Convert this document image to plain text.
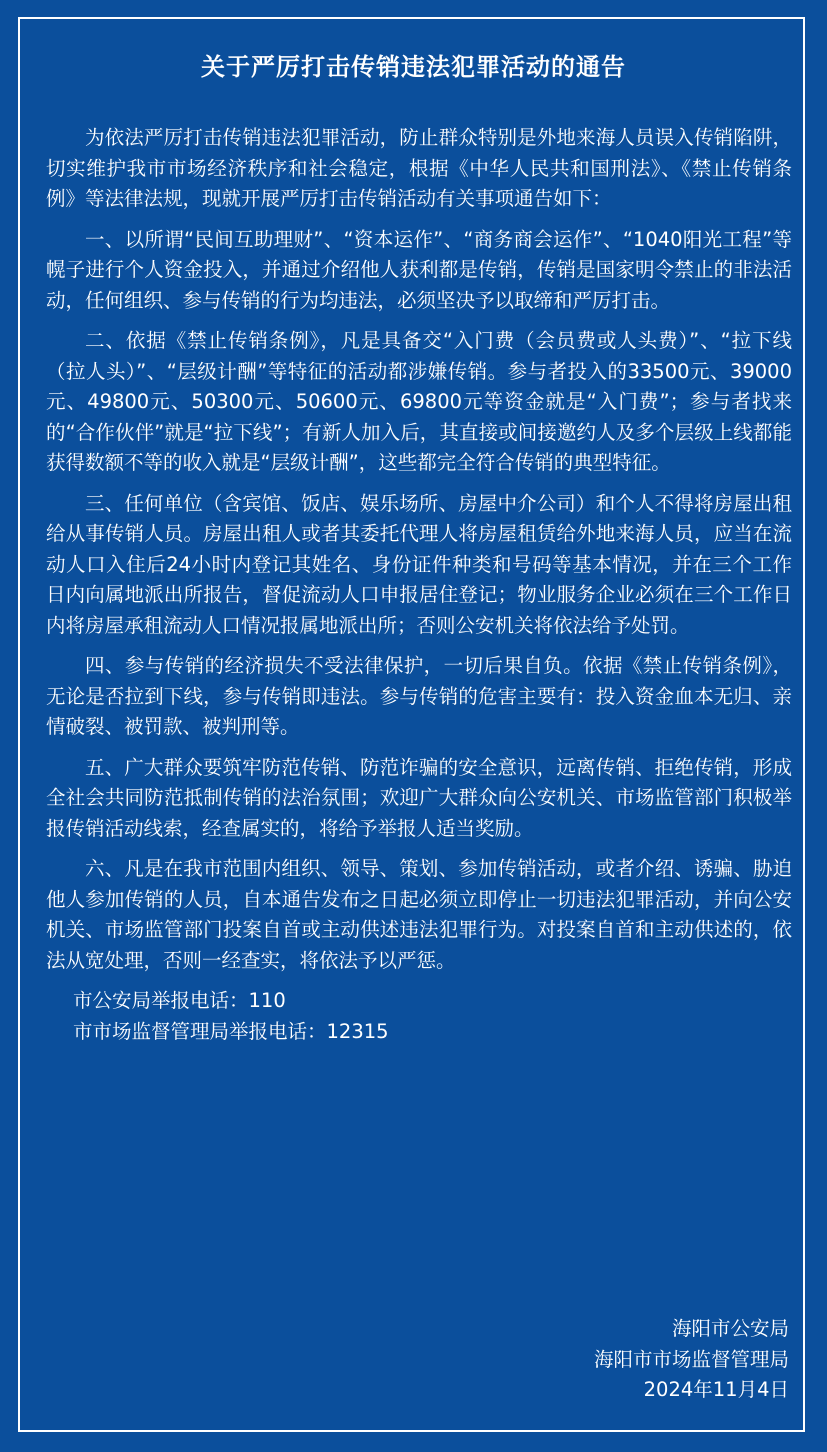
关于严厉打击传销违法犯罪活动的通告

为依法严厉打击传销违法犯罪活动，防止群众特别是外地来海人员误入传销陷阱，切实维护我市市场经济秩序和社会稳定，根据《中华人民共和国刑法》、《禁止传销条例》等法律法规，现就开展严厉打击传销活动有关事项通告如下：

一、以所谓“民间互助理财”、“资本运作”、“商务商会运作”、“1040阳光工程”等幌子进行个人资金投入，并通过介绍他人获利都是传销，传销是国家明令禁止的非法活动，任何组织、参与传销的行为均违法，必须坚决予以取缔和严厉打击。

二、依据《禁止传销条例》，凡是具备交“入门费（会员费或人头费）”、“拉下线（拉人头）”、“层级计酬”等特征的活动都涉嫌传销。参与者投入的33500元、39000元、49800元、50300元、50600元、69800元等资金就是“入门费”；参与者找来的“合作伙伴”就是“拉下线”；有新人加入后，其直接或间接邀约人及多个层级上线都能获得数额不等的收入就是“层级计酬”，这些都完全符合传销的典型特征。

三、任何单位（含宾馆、饭店、娱乐场所、房屋中介公司）和个人不得将房屋出租给从事传销人员。房屋出租人或者其委托代理人将房屋租赁给外地来海人员，应当在流动人口入住后24小时内登记其姓名、身份证件种类和号码等基本情况，并在三个工作日内向属地派出所报告，督促流动人口申报居住登记；物业服务企业必须在三个工作日内将房屋承租流动人口情况报属地派出所；否则公安机关将依法给予处罚。

四、参与传销的经济损失不受法律保护，一切后果自负。依据《禁止传销条例》，无论是否拉到下线，参与传销即违法。参与传销的危害主要有：投入资金血本无归、亲情破裂、被罚款、被判刑等。

五、广大群众要筑牢防范传销、防范诈骗的安全意识，远离传销、拒绝传销，形成全社会共同防范抵制传销的法治氛围；欢迎广大群众向公安机关、市场监管部门积极举报传销活动线索，经查属实的，将给予举报人适当奖励。

六、凡是在我市范围内组织、领导、策划、参加传销活动，或者介绍、诱骗、胁迫他人参加传销的人员，自本通告发布之日起必须立即停止一切违法犯罪活动，并向公安机关、市场监管部门投案自首或主动供述违法犯罪行为。对投案自首和主动供述的，依法从宽处理，否则一经查实，将依法予以严惩。

市公安局举报电话：110

市市场监督管理局举报电话：12315

海阳市公安局
海阳市市场监督管理局
2024年11月4日
